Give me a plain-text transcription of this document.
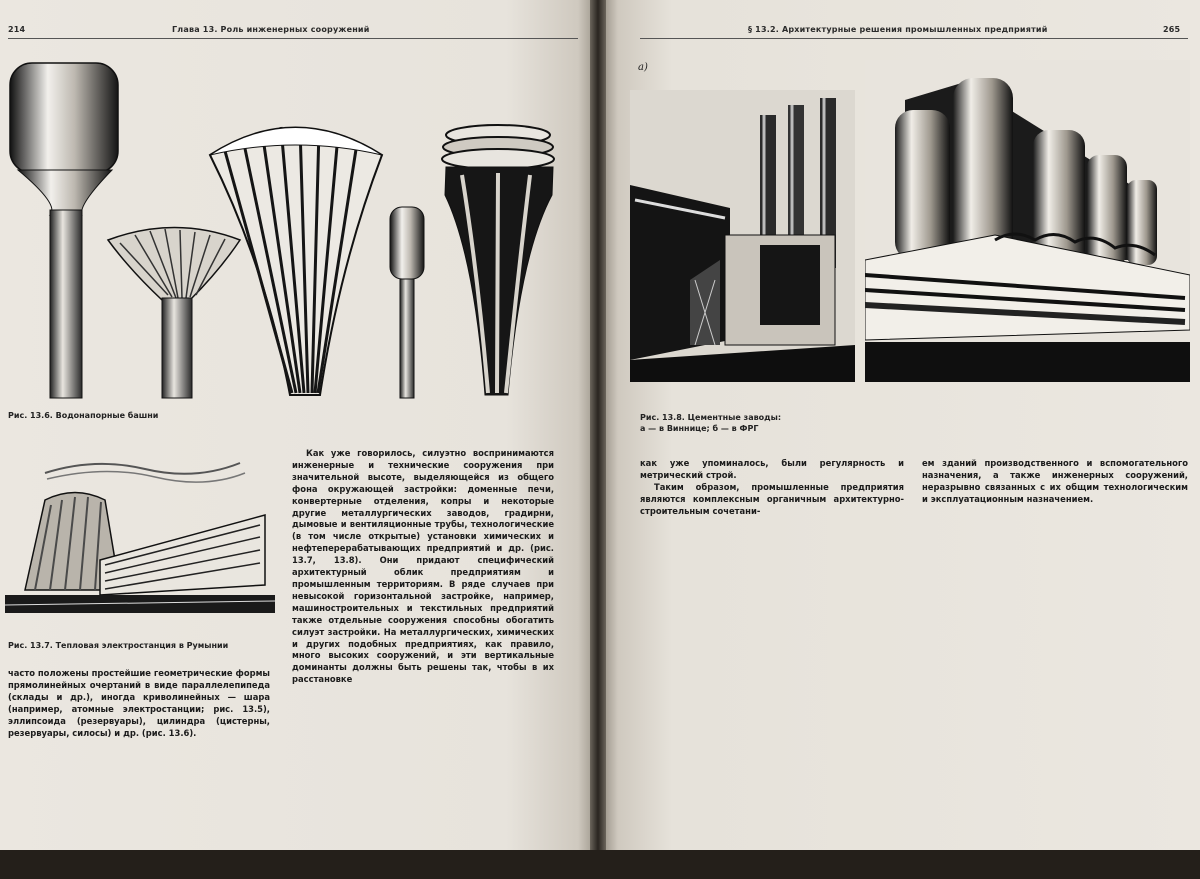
214	Глава 13. Роль инженерных сооружений
Рис. 13.6. Водонапорные башни
Рис. 13.7. Тепловая электростанция в Румынии

часто положены простейшие геометрические формы прямолинейных очертаний в виде параллелепипеда (склады и др.), иногда криволинейных — шара (например, атомные электростанции; рис. 13.5), эллипсоида (резервуары), цилиндра (цистерны, резервуары, силосы) и др. (рис. 13.6).

Как уже говорилось, силуэтно воспринимаются инженерные и технические сооружения при значительной высоте, выделяющейся из общего фона окружающей застройки: доменные печи, конвертерные отделения, копры и некоторые другие металлургических заводов, градирни, дымовые и вентиляционные трубы, технологические (в том числе открытые) установки химических и нефтеперерабатывающих предприятий и др. (рис. 13.7, 13.8). Они придают специфический архитектурный облик предприятиям и промышленным территориям. В ряде случаев при невысокой горизонтальной застройке, например, машиностроительных и текстильных предприятий также отдельные сооружения способны обогатить силуэт застройки. На металлургических, химических и других подобных предприятиях, как правило, много высоких сооружений, и эти вертикальные доминанты должны быть решены так, чтобы в их расстановке

§ 13.2. Архитектурные решения промышленных предприятий	265
а)
Рис. 13.8. Цементные заводы:
а — в Виннице; б — в ФРГ

как уже упоминалось, были регулярность и метрический строй.

Таким образом, промышленные предприятия являются комплексным органичным архитектурно-строительным сочетани-

ем зданий производственного и вспомогательного назначения, а также инженерных сооружений, неразрывно связанных с их общим технологическим и эксплуатационным назначением.
